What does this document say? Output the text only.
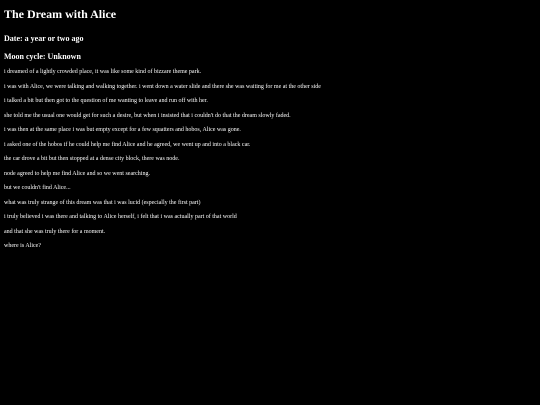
The Dream with Alice
Date: a year or two ago
Moon cycle: Unknown
i dreamed of a lightly crowded place, it was like some kind of bizzare theme park.
i was with Alice, we were talking and walking together. i went down a water slide and there she was waiting for me at the other side
i talked a bit but then got to the question of me wanting to leave and run off with her.
she told me the usual one would get for such a desire, but when i insisted that i couldn't do that the dream slowly faded.
i was then at the same place i was but empty except for a few squatters and hobos, Alice was gone.
i asked one of the hobos if he could help me find Alice and he agreed, we went up and into a black car.
the car drove a bit but then stopped at a dense city block, there was node.
node agreed to help me find Alice and so we went searching.
but we couldn't find Alice...
what was truly strange of this dream was that i was lucid (especially the first part)
i truly believed i was there and talking to Alice herself, i felt that i was actually part of that world
and that she was truly there for a moment.
where is Alice?
